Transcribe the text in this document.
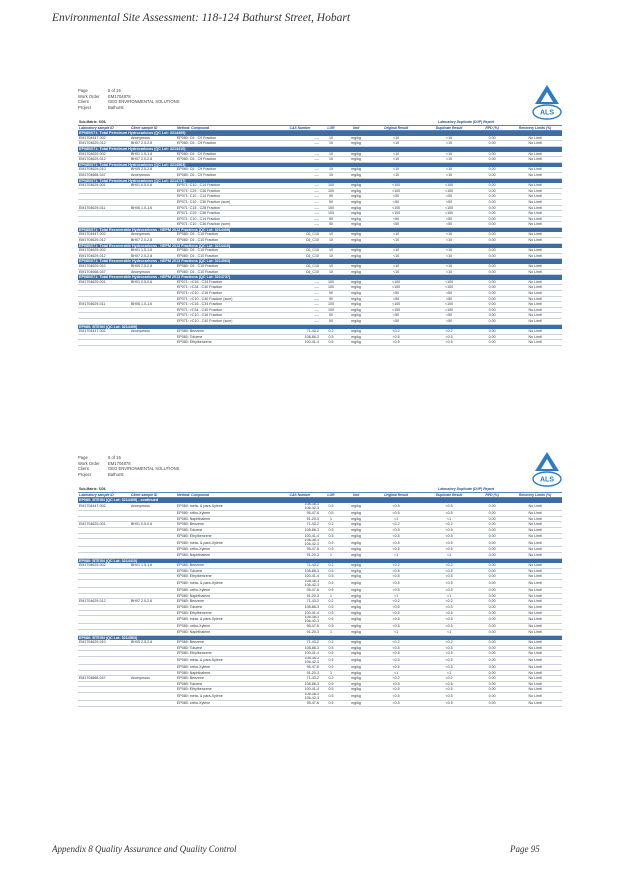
Environmental Site Assessment: 118-124 Bathurst Street, Hobart
Page	5 of 15
Work Order	EM1704878
Client	GEO ENVIRONMENTAL SOLUTIONS
Project	Bathurst
ALS
Sub-Matrix: SOIL						Laboratory Duplicate (DUP) Report			
Laboratory sample ID	Client sample ID	Method: Compound	CAS Number	LOR	Unit	Original Result	Duplicate Result	RPD (%)	Recovery Limits (%)
EP080/071: Total Petroleum Hydrocarbons (QC Lot: 3214409)									
EM1704447-002	Anonymous	EP080: C6 - C9 Fraction	----	10	mg/kg	<10	<10	0.00	No Limit
EM1704629-012	BH07 2.0-2.8	EP080: C6 - C9 Fraction	----	10	mg/kg	<10	<10	0.00	No Limit
EP080/071: Total Petroleum Hydrocarbons (QC Lot: 3214410)									
EM1704629-002	BH01 1.5-1.6	EP080: C6 - C9 Fraction	----	10	mg/kg	<10	<10	0.00	No Limit
EM1704629-012	BH07 2.0-2.8	EP080: C6 - C9 Fraction	----	10	mg/kg	<10	<10	0.00	No Limit
EP080/071: Total Petroleum Hydrocarbons (QC Lot: 3214563)									
EM1704629-010	BH05 2.5-2.8	EP080: C6 - C9 Fraction	----	10	mg/kg	<10	<10	0.00	No Limit
EM1704668-047	Anonymous	EP080: C6 - C9 Fraction	----	10	mg/kg	<10	<10	0.00	No Limit
EP080/071: Total Petroleum Hydrocarbons (QC Lot: 3214737)									
EM1704629-001	BH01 0.5-0.6	EP071: C10 - C14 Fraction	----	100	mg/kg	<100	<100	0.00	No Limit
		EP071: C29 - C36 Fraction	----	100	mg/kg	<100	<100	0.00	No Limit
		EP071: C10 - C14 Fraction	----	50	mg/kg	<50	<50	0.00	No Limit
		EP071: C10 - C36 Fraction (sum)	----	50	mg/kg	<50	<50	0.00	No Limit
EM1704629-011	BH06 1.0-1.6	EP071: C15 - C28 Fraction	----	100	mg/kg	<100	<100	0.00	No Limit
		EP071: C29 - C36 Fraction	----	100	mg/kg	<100	<100	0.00	No Limit
		EP071: C10 - C14 Fraction	----	50	mg/kg	<50	<50	0.00	No Limit
		EP071: C10 - C36 Fraction (sum)	----	50	mg/kg	<50	<50	0.00	No Limit
EP080/071: Total Recoverable Hydrocarbons - NEPM 2013 Fractions (QC Lot: 3214409)									
EM1704447-002	Anonymous	EP080: C6 - C10 Fraction	C6_C10	10	mg/kg	<10	<10	0.00	No Limit
EM1704629-012	BH07 2.0-2.8	EP080: C6 - C10 Fraction	C6_C10	10	mg/kg	<10	<10	0.00	No Limit
EP080/071: Total Recoverable Hydrocarbons - NEPM 2013 Fractions (QC Lot: 3214410)									
EM1704629-002	BH01 1.5-1.6	EP080: C6 - C10 Fraction	C6_C10	10	mg/kg	<10	<10	0.00	No Limit
EM1704629-012	BH07 2.0-2.8	EP080: C6 - C10 Fraction	C6_C10	10	mg/kg	<10	<10	0.00	No Limit
EP080/071: Total Recoverable Hydrocarbons - NEPM 2013 Fractions (QC Lot: 3214563)									
EM1704629-010	BH05 2.5-2.8	EP080: C6 - C10 Fraction	C6_C10	10	mg/kg	<10	<10	0.00	No Limit
EM1704668-047	Anonymous	EP080: C6 - C10 Fraction	C6_C10	10	mg/kg	<10	<10	0.00	No Limit
EP080/071: Total Recoverable Hydrocarbons - NEPM 2013 Fractions (QC Lot: 3214737)									
EM1704629-001	BH01 0.5-0.6	EP071: >C16 - C34 Fraction	----	100	mg/kg	<100	<100	0.00	No Limit
		EP071: >C34 - C40 Fraction	----	100	mg/kg	<100	<100	0.00	No Limit
		EP071: >C10 - C16 Fraction	----	50	mg/kg	<50	<50	0.00	No Limit
		EP071: >C10 - C40 Fraction (sum)	----	50	mg/kg	<50	<50	0.00	No Limit
EM1704629-011	BH06 1.0-1.6	EP071: >C16 - C34 Fraction	----	100	mg/kg	<100	<100	0.00	No Limit
		EP071: >C34 - C40 Fraction	----	100	mg/kg	<100	<100	0.00	No Limit
		EP071: >C10 - C16 Fraction	----	50	mg/kg	<50	<50	0.00	No Limit
		EP071: >C10 - C40 Fraction (sum)	----	50	mg/kg	<50	<50	0.00	No Limit
EP080: BTEXN (QC Lot: 3214409)									
EM1704447-002	Anonymous	EP080: Benzene	71-43-2	0.2	mg/kg	<0.2	<0.2	0.00	No Limit
		EP080: Toluene	108-88-3	0.5	mg/kg	<0.5	<0.5	0.00	No Limit
		EP080: Ethylbenzene	100-41-4	0.5	mg/kg	<0.5	<0.5	0.00	No Limit
Page	6 of 15
Work Order	EM1704878
Client	GEO ENVIRONMENTAL SOLUTIONS
Project	Bathurst
ALS
Sub-Matrix: SOIL						Laboratory Duplicate (DUP) Report			
Laboratory sample ID	Client sample ID	Method: Compound	CAS Number	LOR	Unit	Original Result	Duplicate Result	RPD (%)	Recovery Limits (%)
EP080: BTEXN (QC Lot: 3214409) - continued									
EM1704447-002	Anonymous	EP080: meta- & para-Xylene	108-38-3
106-42-3	0.5	mg/kg	<0.5	<0.5	0.00	No Limit
		EP080: ortho-Xylene	95-47-6	0.5	mg/kg	<0.5	<0.5	0.00	No Limit
		EP080: Naphthalene	91-20-3	1	mg/kg	<1	<1	0.00	No Limit
EM1704629-001	BH01 0.5-0.6	EP080: Benzene	71-43-2	0.2	mg/kg	<0.2	<0.2	0.00	No Limit
		EP080: Toluene	108-88-3	0.5	mg/kg	<0.5	<0.5	0.00	No Limit
		EP080: Ethylbenzene	100-41-4	0.5	mg/kg	<0.5	<0.5	0.00	No Limit
		EP080: meta- & para-Xylene	108-38-3
106-42-3	0.5	mg/kg	<0.5	<0.5	0.00	No Limit
		EP080: ortho-Xylene	95-47-6	0.5	mg/kg	<0.5	<0.5	0.00	No Limit
		EP080: Naphthalene	91-20-3	1	mg/kg	<1	<1	0.00	No Limit
EP080: BTEXN (QC Lot: 3214410)									
EM1704629-002	BH01 1.5-1.6	EP080: Benzene	71-43-2	0.2	mg/kg	<0.2	<0.2	0.00	No Limit
		EP080: Toluene	108-88-3	0.5	mg/kg	<0.5	<0.5	0.00	No Limit
		EP080: Ethylbenzene	100-41-4	0.5	mg/kg	<0.5	<0.5	0.00	No Limit
		EP080: meta- & para-Xylene	108-38-3
106-42-3	0.5	mg/kg	<0.5	<0.5	0.00	No Limit
		EP080: ortho-Xylene	95-47-6	0.5	mg/kg	<0.5	<0.5	0.00	No Limit
		EP080: Naphthalene	91-20-3	1	mg/kg	<1	<1	0.00	No Limit
EM1704629-012	BH07 2.0-2.8	EP080: Benzene	71-43-2	0.2	mg/kg	<0.2	<0.2	0.00	No Limit
		EP080: Toluene	108-88-3	0.5	mg/kg	<0.5	<0.5	0.00	No Limit
		EP080: Ethylbenzene	100-41-4	0.5	mg/kg	<0.5	<0.5	0.00	No Limit
		EP080: meta- & para-Xylene	108-38-3
106-42-3	0.5	mg/kg	<0.5	<0.5	0.00	No Limit
		EP080: ortho-Xylene	95-47-6	0.5	mg/kg	<0.5	<0.5	0.00	No Limit
		EP080: Naphthalene	91-20-3	1	mg/kg	<1	<1	0.00	No Limit
EP080: BTEXN (QC Lot: 3214563)									
EM1704629-010	BH05 2.5-2.8	EP080: Benzene	71-43-2	0.2	mg/kg	<0.2	<0.2	0.00	No Limit
		EP080: Toluene	108-88-3	0.5	mg/kg	<0.5	<0.5	0.00	No Limit
		EP080: Ethylbenzene	100-41-4	0.5	mg/kg	<0.5	<0.5	0.00	No Limit
		EP080: meta- & para-Xylene	108-38-3
106-42-3	0.5	mg/kg	<0.5	<0.5	0.00	No Limit
		EP080: ortho-Xylene	95-47-6	0.5	mg/kg	<0.5	<0.5	0.00	No Limit
		EP080: Naphthalene	91-20-3	1	mg/kg	<1	<1	0.00	No Limit
EM1704668-047	Anonymous	EP080: Benzene	71-43-2	0.2	mg/kg	<0.2	<0.2	0.00	No Limit
		EP080: Toluene	108-88-3	0.5	mg/kg	<0.5	<0.5	0.00	No Limit
		EP080: Ethylbenzene	100-41-4	0.5	mg/kg	<0.5	<0.5	0.00	No Limit
		EP080: meta- & para-Xylene	108-38-3
106-42-3	0.5	mg/kg	<0.5	<0.5	0.00	No Limit
		EP080: ortho-Xylene	95-47-6	0.5	mg/kg	<0.5	<0.5	0.00	No Limit
Appendix 8 Quality Assurance and Quality Control	Page 95
